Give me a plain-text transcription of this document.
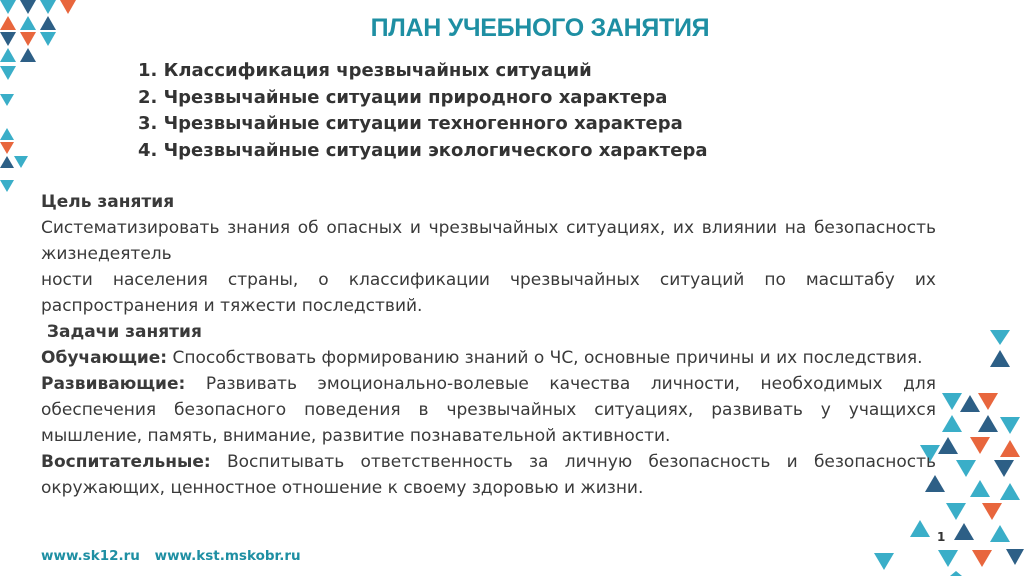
ПЛАН УЧЕБНОГО ЗАНЯТИЯ
1. Классификация чрезвычайных ситуаций
2. Чрезвычайные ситуации природного характера
3. Чрезвычайные ситуации техногенного характера
4. Чрезвычайные ситуации экологического характера

Цель занятия

Систематизировать знания об опасных и чрезвычайных ситуациях, их влиянии на безопасность жизнедеятель

ности населения страны, о классификации чрезвычайных ситуаций по масштабу их распространения и тяжести последствий.

Задачи занятия

Обучающие: Способствовать формированию знаний о ЧС, основные причины и их последствия.

Развивающие: Развивать эмоционально-волевые качества личности, необходимых для обеспечения безопасного поведения в чрезвычайных ситуациях, развивать у учащихся мышление, память, внимание, развитие познавательной активности.

Воспитательные: Воспитывать ответственность за личную безопасность и безопасность окружающих, ценностное отношение к своему здоровью и жизни.

www.sk12.ru www.kst.mskobr.ru
1
